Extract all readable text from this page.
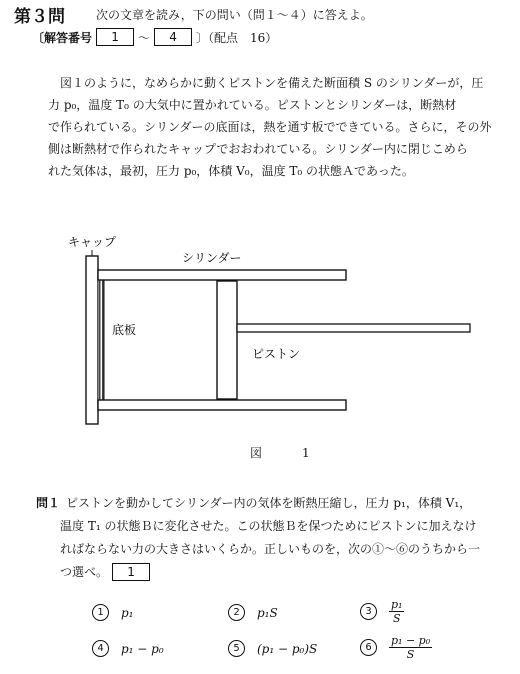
第３問	次の文章を読み，下の問い（問１～４）に答えよ。
〔解答番号	1	～	4	〕（配点　16）
図１のように，なめらかに動くピストンを備えた断面積 S のシリンダーが，圧
力 p₀，温度 T₀ の大気中に置かれている。ピストンとシリンダーは，断熱材
で作られている。シリンダーの底面は，熱を通す板でできている。さらに，その外
側は断熱材で作られたキャップでおおわれている。シリンダー内に閉じこめら
れた気体は，最初，圧力 p₀，体積 V₀，温度 T₀ の状態Ａであった。
キャップ
シリンダー
底板
ピストン
図　1
問１ ピストンを動かしてシリンダー内の気体を断熱圧縮し，圧力 p₁，体積 V₁，
温度 T₁ の状態Ｂに変化させた。この状態Ｂを保つためにピストンに加えなけ
ればならない力の大きさはいくらか。正しいものを，次の①～⑥のうちから一
つ選べ。 1
1	p₁	2	p₁S	3	$\frac{\text{p₁}}{S}$
4	p₁ − p₀	5	(p₁ − p₀)S	6	$\frac{\text{p₁ − p₀}}{S}$
